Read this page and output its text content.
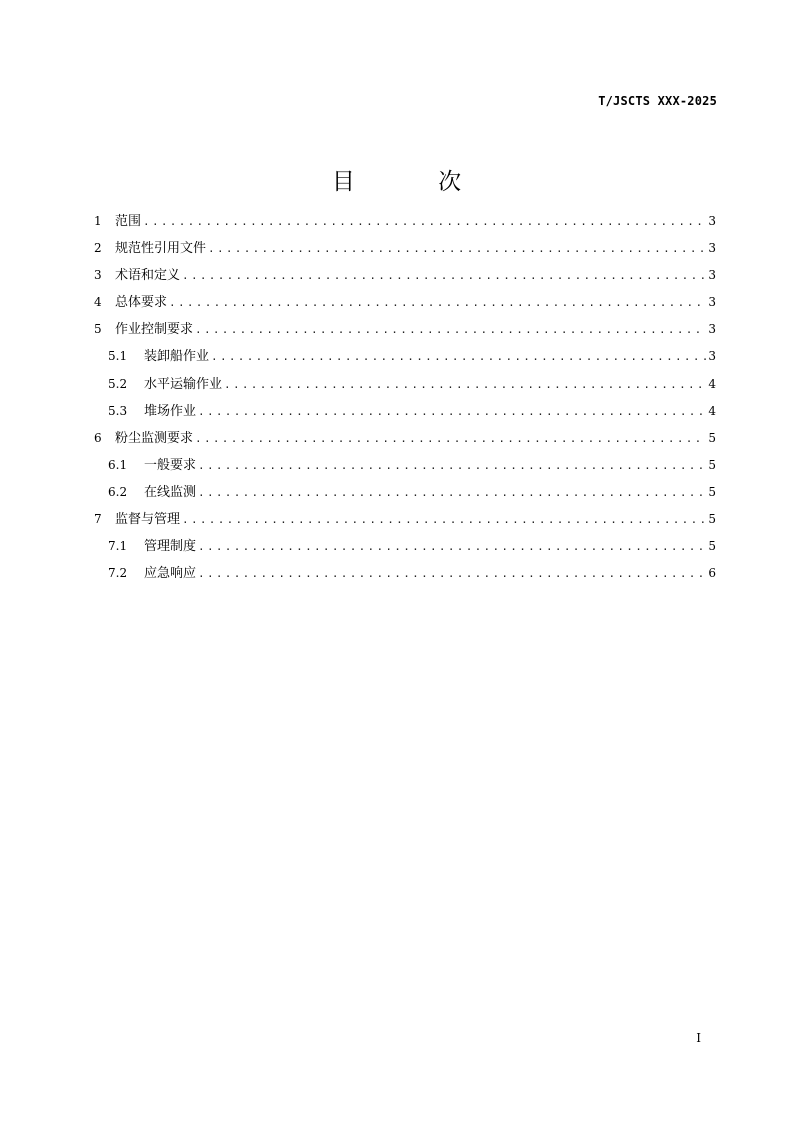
T/JSCTS XXX-2025
目 次
1	范围 .....	3
2	规范性引用文件 .....	3
3	术语和定义 .....	3
4	总体要求 .....	3
5	作业控制要求 .....	3
5.1	装卸船作业 .....	3
5.2	水平运输作业 .....	4
5.3	堆场作业 .....	4
6	粉尘监测要求 .....	5
6.1	一般要求 .....	5
6.2	在线监测 .....	5
7	监督与管理 .....	5
7.1	管理制度 .....	5
7.2	应急响应 .....	6
I
